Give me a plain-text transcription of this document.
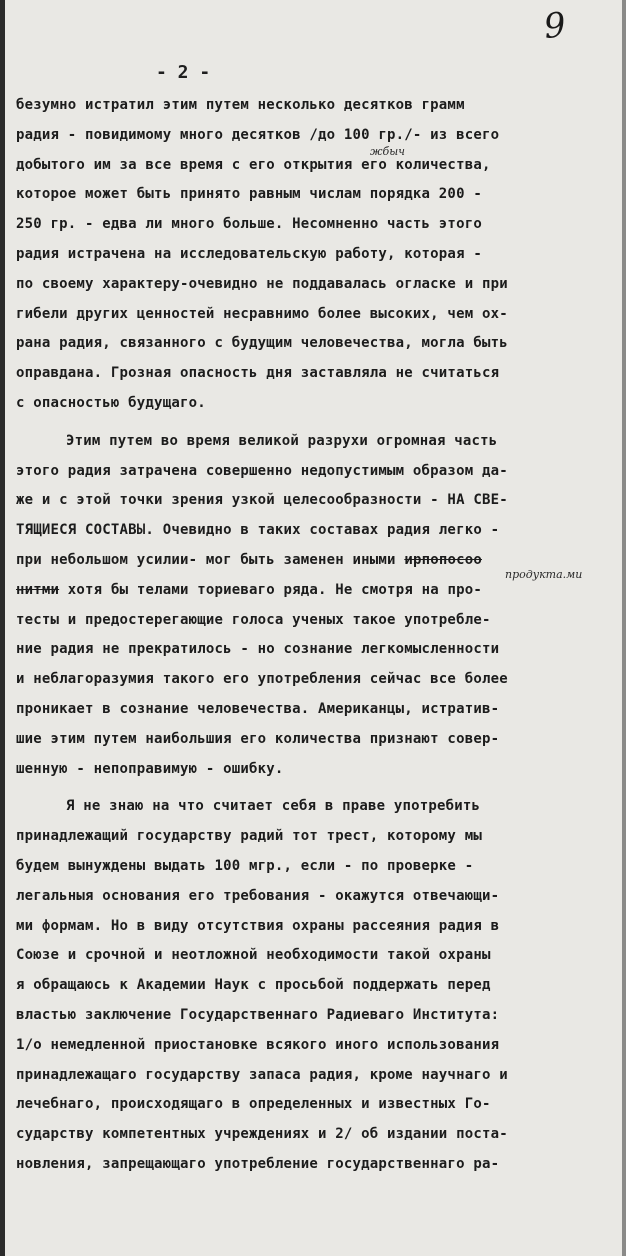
9
- 2 -
жбыч
продукта.ми
безумно истратил этим путем несколько десятков грамм
радия - повидимому много десятков /до 100 гр./- из всего
добытого им за все время с его открытия его количества,
которое может быть принято равным числам порядка 200 -
250 гр. - едва ли много больше. Несомненно часть этого
радия истрачена на исследовательскую работу, которая -
по своему характеру-очевидно не поддавалась огласке и при
гибели других ценностей несравнимо более высоких, чем ох-
рана радия, связанного с будущим человечества, могла быть
оправдана. Грозная опасность дня заставляла не считаться
с опасностью будущаго.
Этим путем во время великой разрухи огромная часть
этого радия затрачена совершенно недопустимым образом да-
же и с этой точки зрения узкой целесообразности - НА СВЕ-
ТЯЩИЕСЯ СОСТАВЫ. Очевидно в таких составах радия легко -
при небольшом усилии- мог быть заменен иными ирпопосоо
нитми хотя бы телами ториеваго ряда. Не смотря на про-
тесты и предостерегающие голоса ученых такое употребле-
ние радия не прекратилось - но сознание легкомысленности
и неблагоразумия такого его употребления сейчас все более
проникает в сознание человечества. Американцы, истратив-
шие этим путем наибольшия его количества признают совер-
шенную - непоправимую - ошибку.
Я не знаю на что считает себя в праве употребить
принадлежащий государству радий тот трест, которому мы
будем вынуждены выдать 100 мгр., если - по проверке -
легальныя основания его требования - окажутся отвечающи-
ми формам. Но в виду отсутствия охраны рассеяния радия в
Союзе и срочной и неотложной необходимости такой охраны
я обращаюсь к Академии Наук с просьбой поддержать перед
властью заключение Государственнаго Радиеваго Института:
1/о немедленной приостановке всякого иного использования
принадлежащаго государству запаса радия, кроме научнаго и
лечебнаго, происходящаго в определенных и известных Го-
сударству компетентных учреждениях и 2/ об издании поста-
новления, запрещающаго употребление государственнаго ра-
